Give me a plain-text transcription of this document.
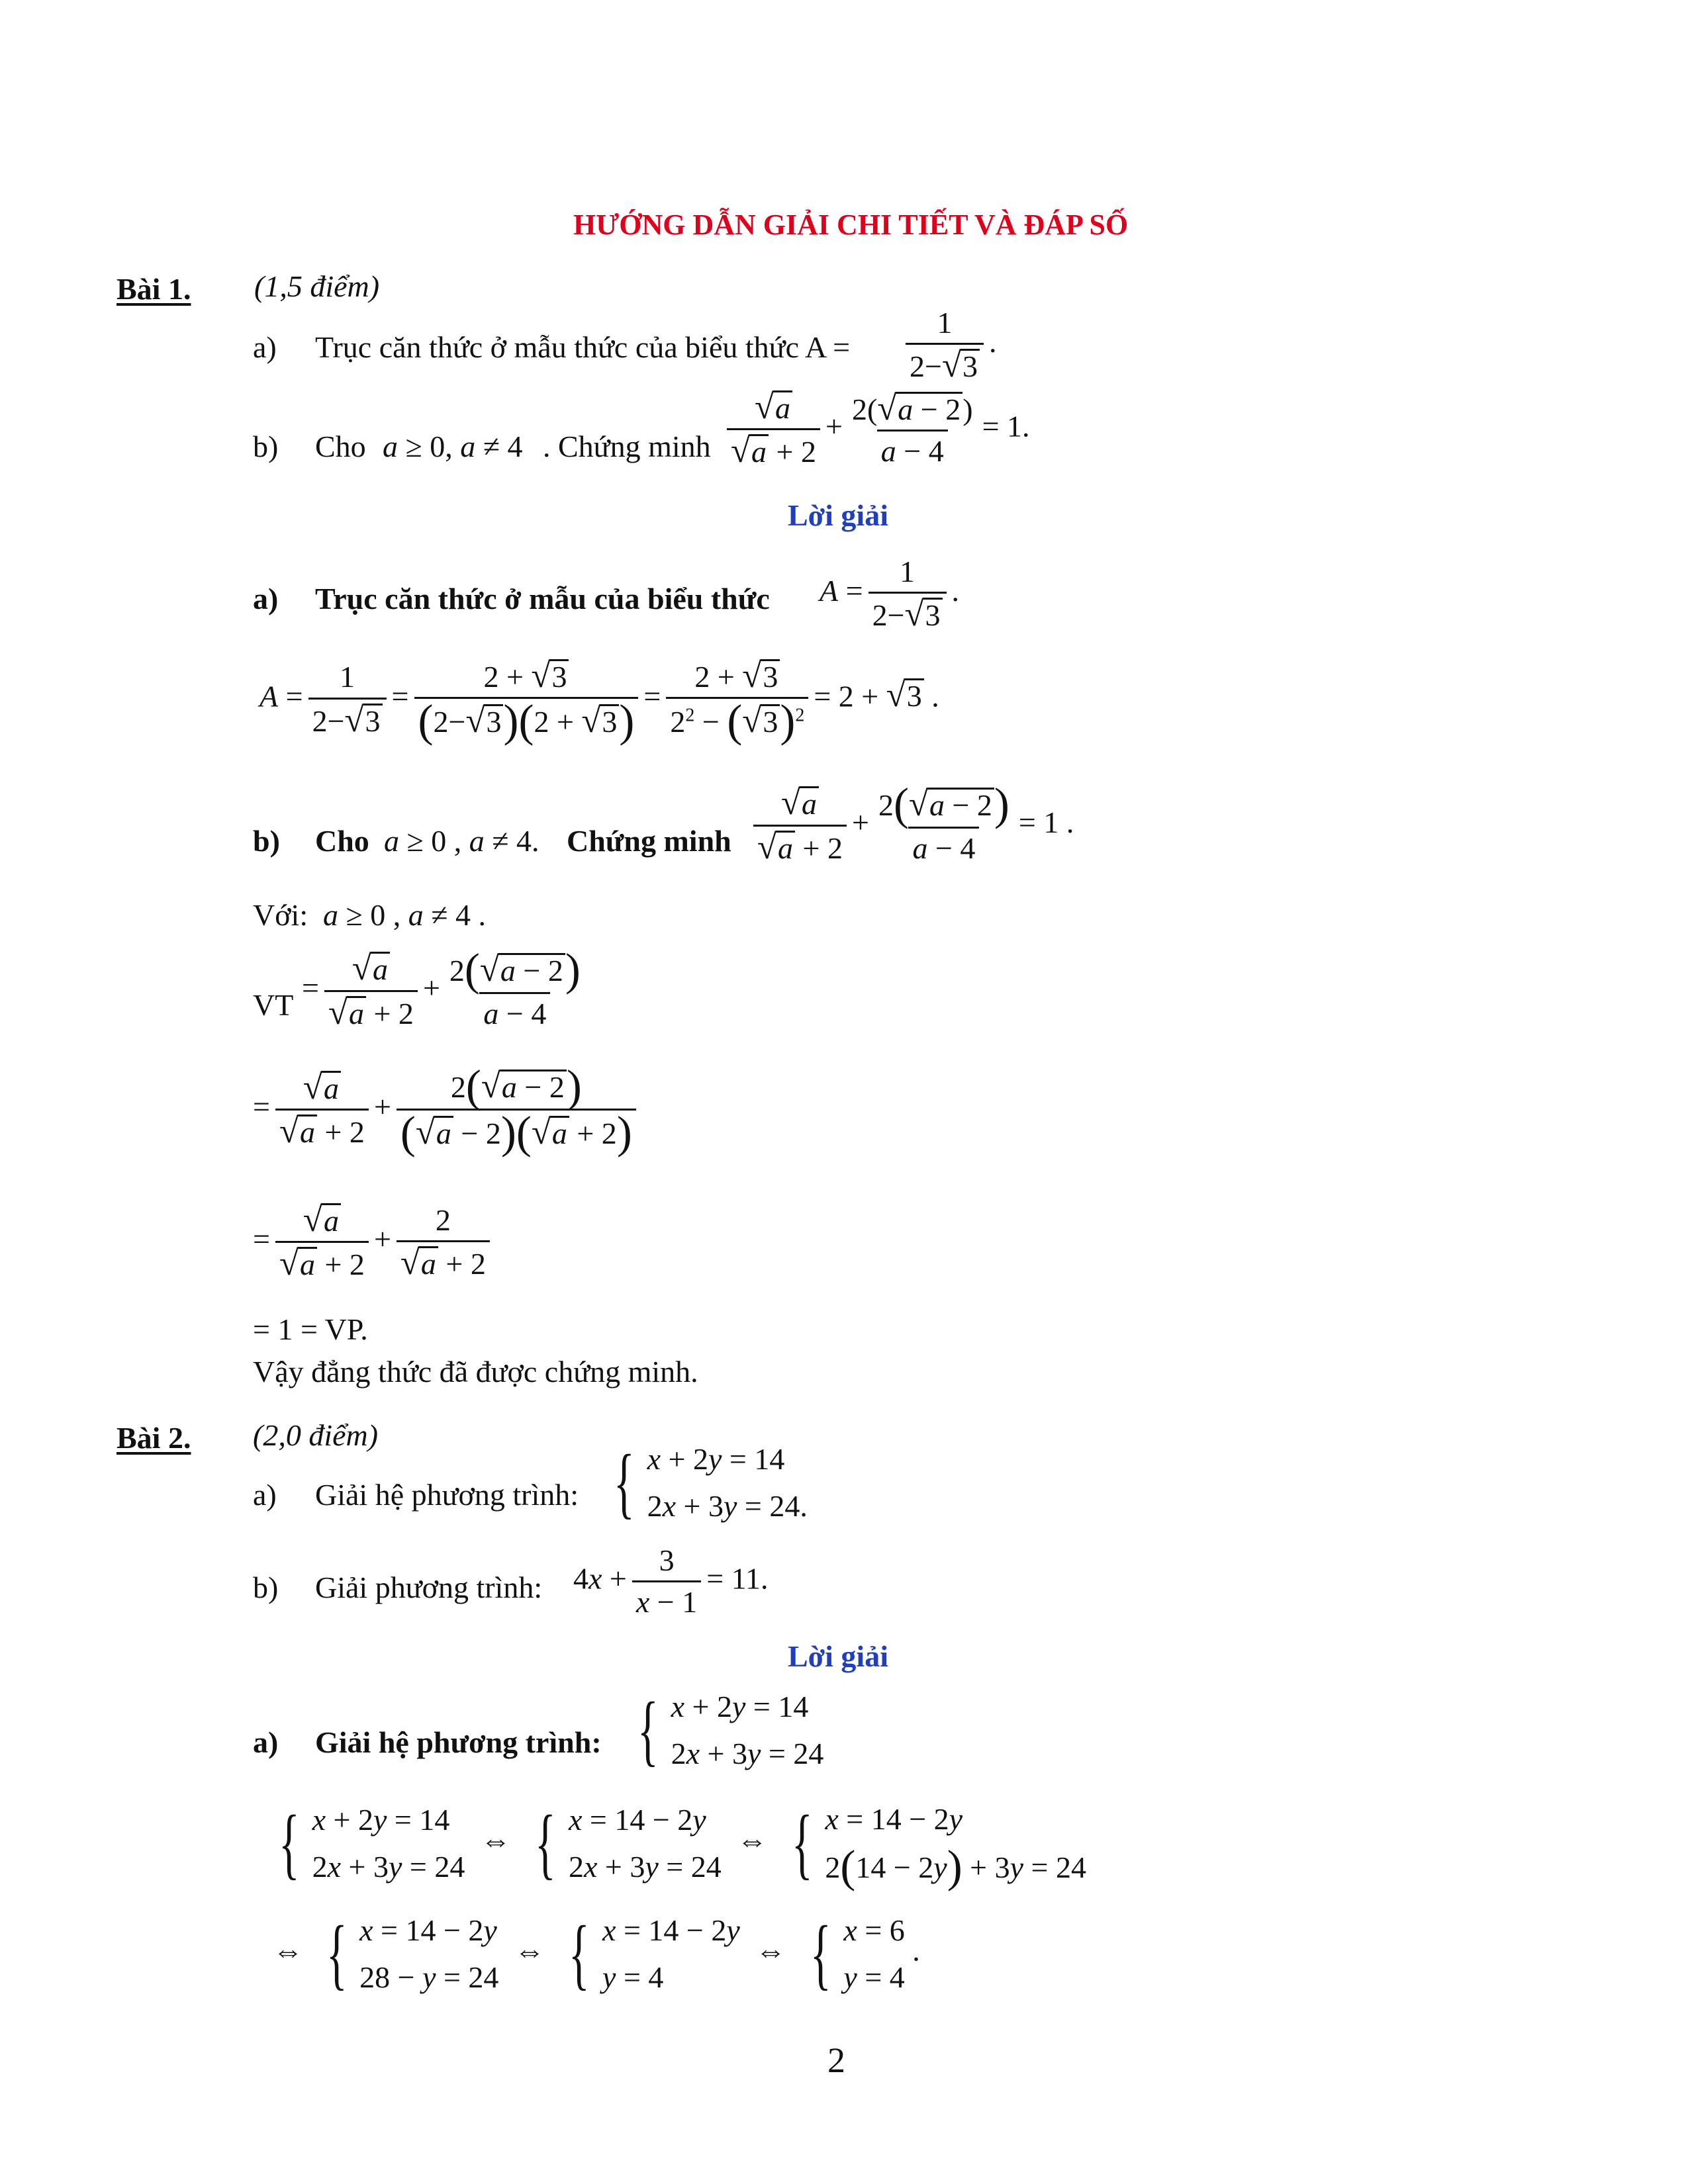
HƯỚNG DẪN GIẢI CHI TIẾT VÀ ĐÁP SỐ
Bài 1. (1,5 điểm)
a) Trục căn thức ở mẫu thức của biểu thức $A = \frac{1}{2- √ 3}$ .
b) Cho a ≥ 0, a ≠ 4 . Chứng minh $\frac{√ a}{√ a + 2} + \frac{2( √ a - 2 )}{a - 4} = 1$.
Lời giải
a) Trục căn thức ở mẫu của biểu thức $A = \frac{1}{2- √ 3}$ .
$A = \frac{1}{2- √ 3} = \frac{2 + √ 3}{(2- √ 3 )(2 + √ 3 )} = \frac{2 + √ 3}{2^2 - ( √ 3 )^2} = 2$ + √ 3 .
b) Cho a ≥ 0 , a ≠ 4. Chứng minh $\frac{√ a}{√ a + 2} + \frac{2( √ a - 2 )}{a - 4} = 1$ .
Với: a ≥ 0 , a ≠ 4 .
VT
= $\frac{√ a}{√ a + 2} + \frac{2( √ a - 2 )}{a - 4}$
= $\frac{√ a}{√ a + 2} + \frac{2( √ a - 2 )}{( √ a - 2)( √ a + 2)}$
= $\frac{√ a}{√ a + 2} + \frac{2}{√ a + 2}$
= 1 = VP.
Vậy đẳng thức đã được chứng minh.
Bài 2. (2,0 điểm)
a) Giải hệ phương trình: { x + 2y = 14
2x + 3y = 24.
b) Giải phương trình: $4x + \frac{3}{x - 1} = 11$.
Lời giải
a) Giải hệ phương trình: { x + 2y = 14
2x + 3y = 24
{ x + 2y = 14
2x + 3y = 24
⇔ { x = 14 − 2y
2x + 3y = 24
⇔ { x = 14 − 2y
2(14 − 2y) + 3y = 24
⇔ { x = 14 − 2y
28 − y = 24
⇔ { x = 14 − 2y
y = 4
⇔ { x = 6
y = 4
.
2
